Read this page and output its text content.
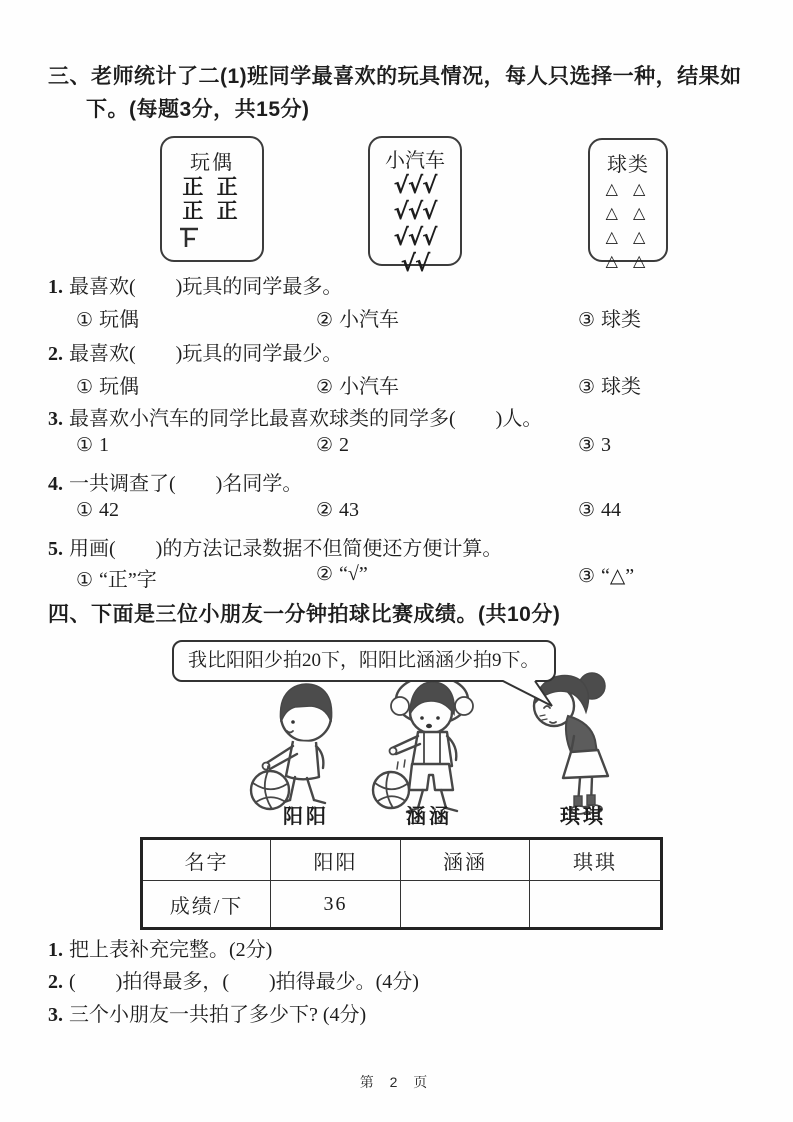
三、老师统计了二(1)班同学最喜欢的玩具情况，每人只选择一种，结果如
下。(每题3分，共15分)
玩偶
正 正
正 正
小汽车
√√√
√√√
√√√
√√
球类
△ △
△ △
△ △
△ △
1. 最喜欢(　　)玩具的同学最多。
① 玩偶	② 小汽车	③ 球类
2. 最喜欢(　　)玩具的同学最少。
① 玩偶	② 小汽车	③ 球类
3. 最喜欢小汽车的同学比最喜欢球类的同学多(　　)人。
① 1	② 2	③ 3
4. 一共调查了(　　)名同学。
① 42	② 43	③ 44
5. 用画(　　)的方法记录数据不但简便还方便计算。
① “正”字	② “√”	③ “△”
四、下面是三位小朋友一分钟拍球比赛成绩。(共10分)
我比阳阳少拍20下，阳阳比涵涵少拍9下。
阳阳	涵涵	琪琪
名字	阳阳	涵涵	琪琪
成绩/下	36		
1. 把上表补充完整。(2分)
2. (　　)拍得最多，(　　)拍得最少。(4分)
3. 三个小朋友一共拍了多少下? (4分)
第 2 页
